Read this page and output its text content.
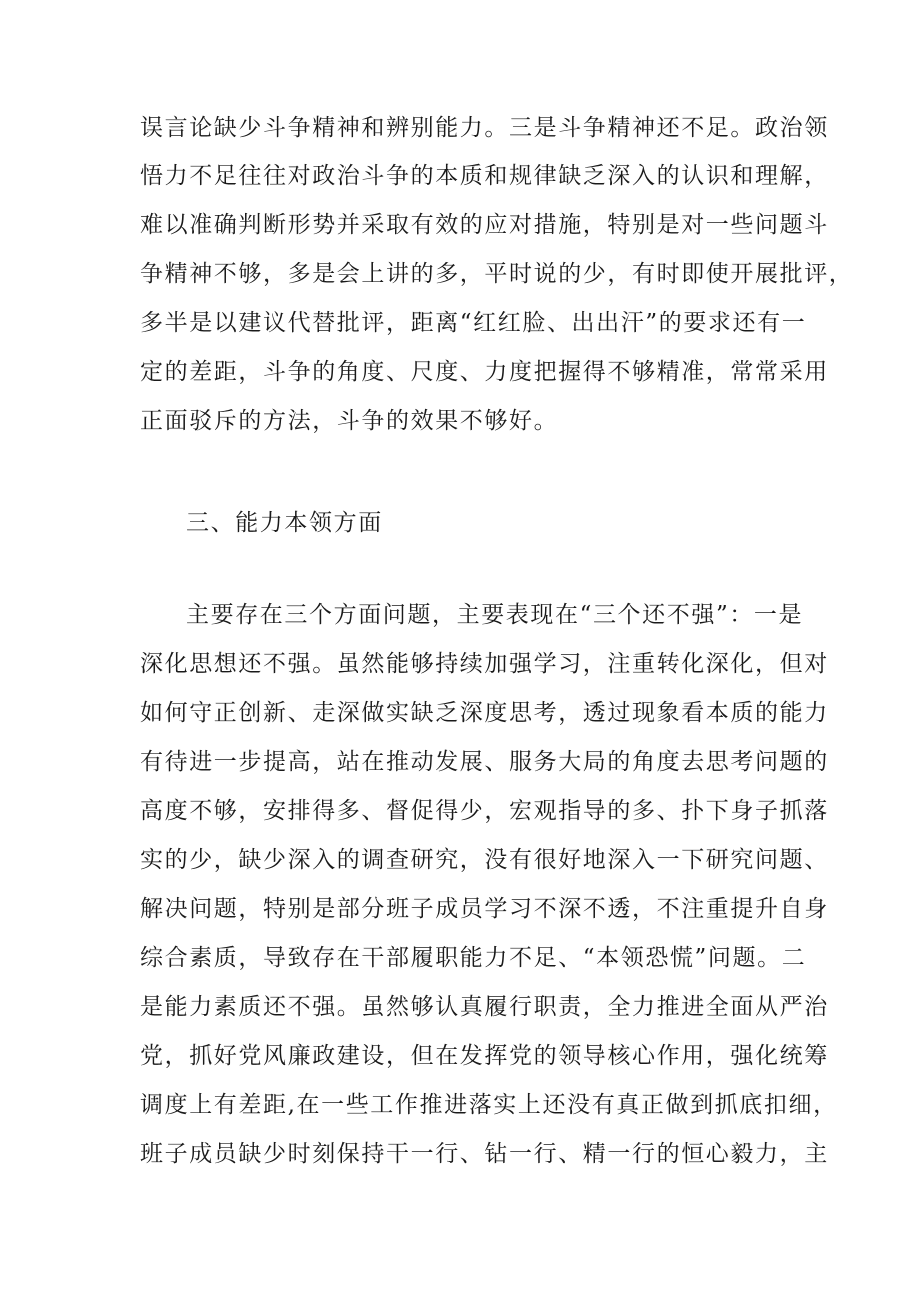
误言论缺少斗争精神和辨别能力。三是斗争精神还不足。政治领
悟力不足往往对政治斗争的本质和规律缺乏深入的认识和理解，
难以准确判断形势并采取有效的应对措施，特别是对一些问题斗
争精神不够，多是会上讲的多，平时说的少，有时即使开展批评，
多半是以建议代替批评，距离“红红脸、出出汗”的要求还有一
定的差距，斗争的角度、尺度、力度把握得不够精准，常常采用
正面驳斥的方法，斗争的效果不够好。
三、能力本领方面
主要存在三个方面问题，主要表现在“三个还不强”：一是
深化思想还不强。虽然能够持续加强学习，注重转化深化，但对
如何守正创新、走深做实缺乏深度思考，透过现象看本质的能力
有待进一步提高，站在推动发展、服务大局的角度去思考问题的
高度不够，安排得多、督促得少，宏观指导的多、扑下身子抓落
实的少，缺少深入的调查研究，没有很好地深入一下研究问题、
解决问题，特别是部分班子成员学习不深不透，不注重提升自身
综合素质，导致存在干部履职能力不足、“本领恐慌”问题。二
是能力素质还不强。虽然够认真履行职责，全力推进全面从严治
党，抓好党风廉政建设，但在发挥党的领导核心作用，强化统筹
调度上有差距,在一些工作推进落实上还没有真正做到抓底扣细，
班子成员缺少时刻保持干一行、钻一行、精一行的恒心毅力，主
